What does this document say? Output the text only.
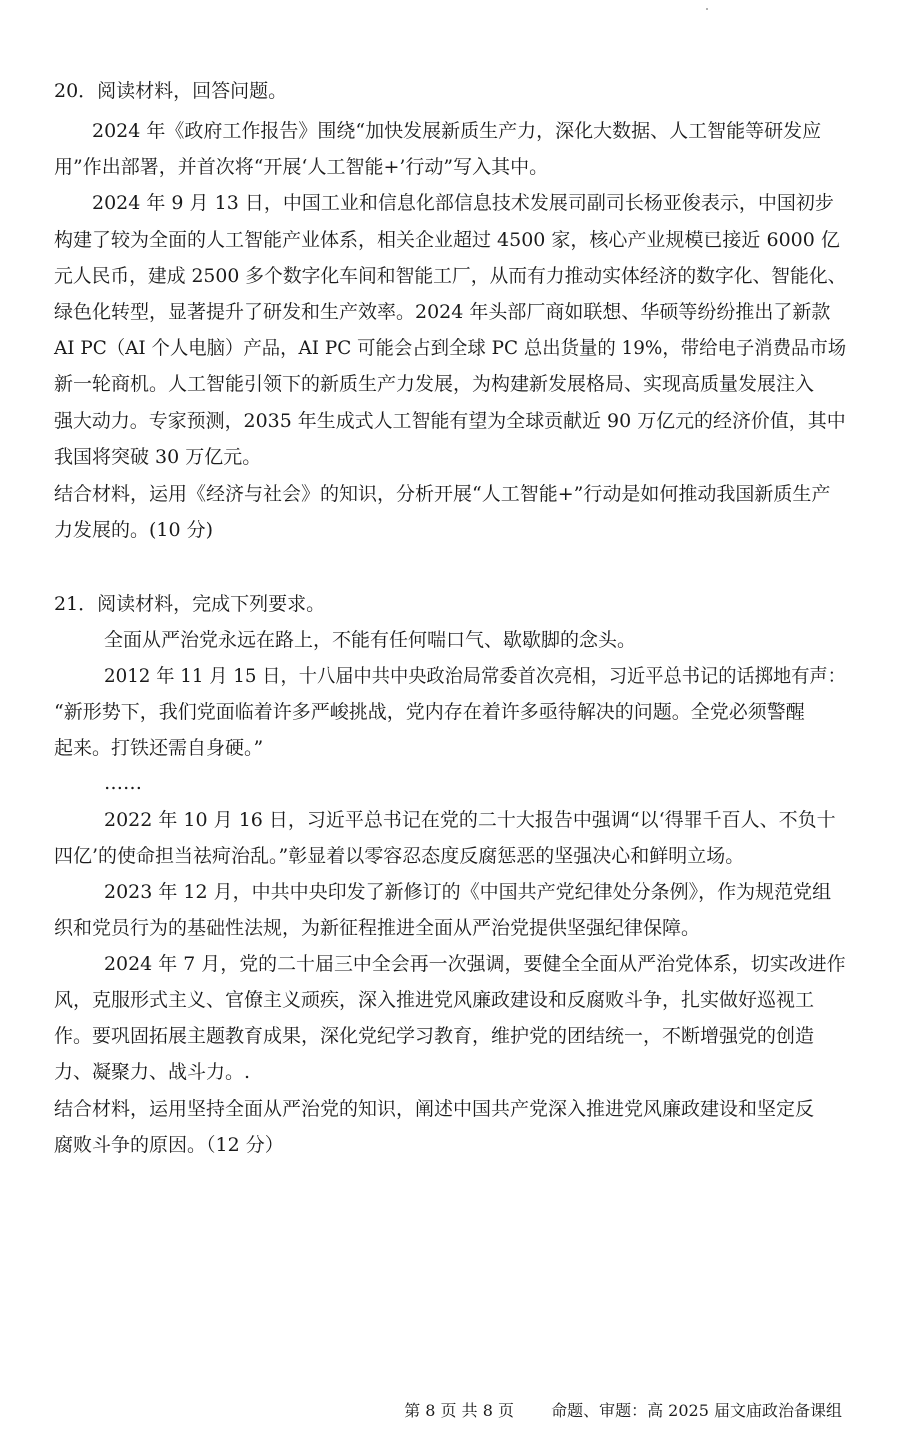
20．阅读材料，回答问题。
2024 年《政府工作报告》围绕“加快发展新质生产力，深化大数据、人工智能等研发应
用”作出部署，并首次将“开展‘人工智能+’行动”写入其中。
2024 年 9 月 13 日，中国工业和信息化部信息技术发展司副司长杨亚俊表示，中国初步
构建了较为全面的人工智能产业体系，相关企业超过 4500 家，核心产业规模已接近 6000 亿
元人民币，建成 2500 多个数字化车间和智能工厂，从而有力推动实体经济的数字化、智能化、
绿色化转型，显著提升了研发和生产效率。2024 年头部厂商如联想、华硕等纷纷推出了新款
AI PC（AI 个人电脑）产品，AI PC 可能会占到全球 PC 总出货量的 19%，带给电子消费品市场
新一轮商机。人工智能引领下的新质生产力发展，为构建新发展格局、实现高质量发展注入
强大动力。专家预测，2035 年生成式人工智能有望为全球贡献近 90 万亿元的经济价值，其中
我国将突破 30 万亿元。
结合材料，运用《经济与社会》的知识，分析开展“人工智能+”行动是如何推动我国新质生产
力发展的。(10 分)
21．阅读材料，完成下列要求。
全面从严治党永远在路上，不能有任何喘口气、歇歇脚的念头。
2012 年 11 月 15 日，十八届中共中央政治局常委首次亮相，习近平总书记的话掷地有声：
“新形势下，我们党面临着许多严峻挑战，党内存在着许多亟待解决的问题。全党必须警醒
起来。打铁还需自身硬。”
……
2022 年 10 月 16 日，习近平总书记在党的二十大报告中强调“以‘得罪千百人、不负十
四亿’的使命担当祛疴治乱。”彰显着以零容忍态度反腐惩恶的坚强决心和鲜明立场。
2023 年 12 月，中共中央印发了新修订的《中国共产党纪律处分条例》，作为规范党组
织和党员行为的基础性法规，为新征程推进全面从严治党提供坚强纪律保障。
2024 年 7 月，党的二十届三中全会再一次强调，要健全全面从严治党体系，切实改进作
风，克服形式主义、官僚主义顽疾，深入推进党风廉政建设和反腐败斗争，扎实做好巡视工
作。要巩固拓展主题教育成果，深化党纪学习教育，维护党的团结统一，不断增强党的创造
力、凝聚力、战斗力。.
结合材料，运用坚持全面从严治党的知识，阐述中国共产党深入推进党风廉政建设和坚定反
腐败斗争的原因。（12 分）
第 8 页 共 8 页 命题、审题：高 2025 届文庙政治备课组
